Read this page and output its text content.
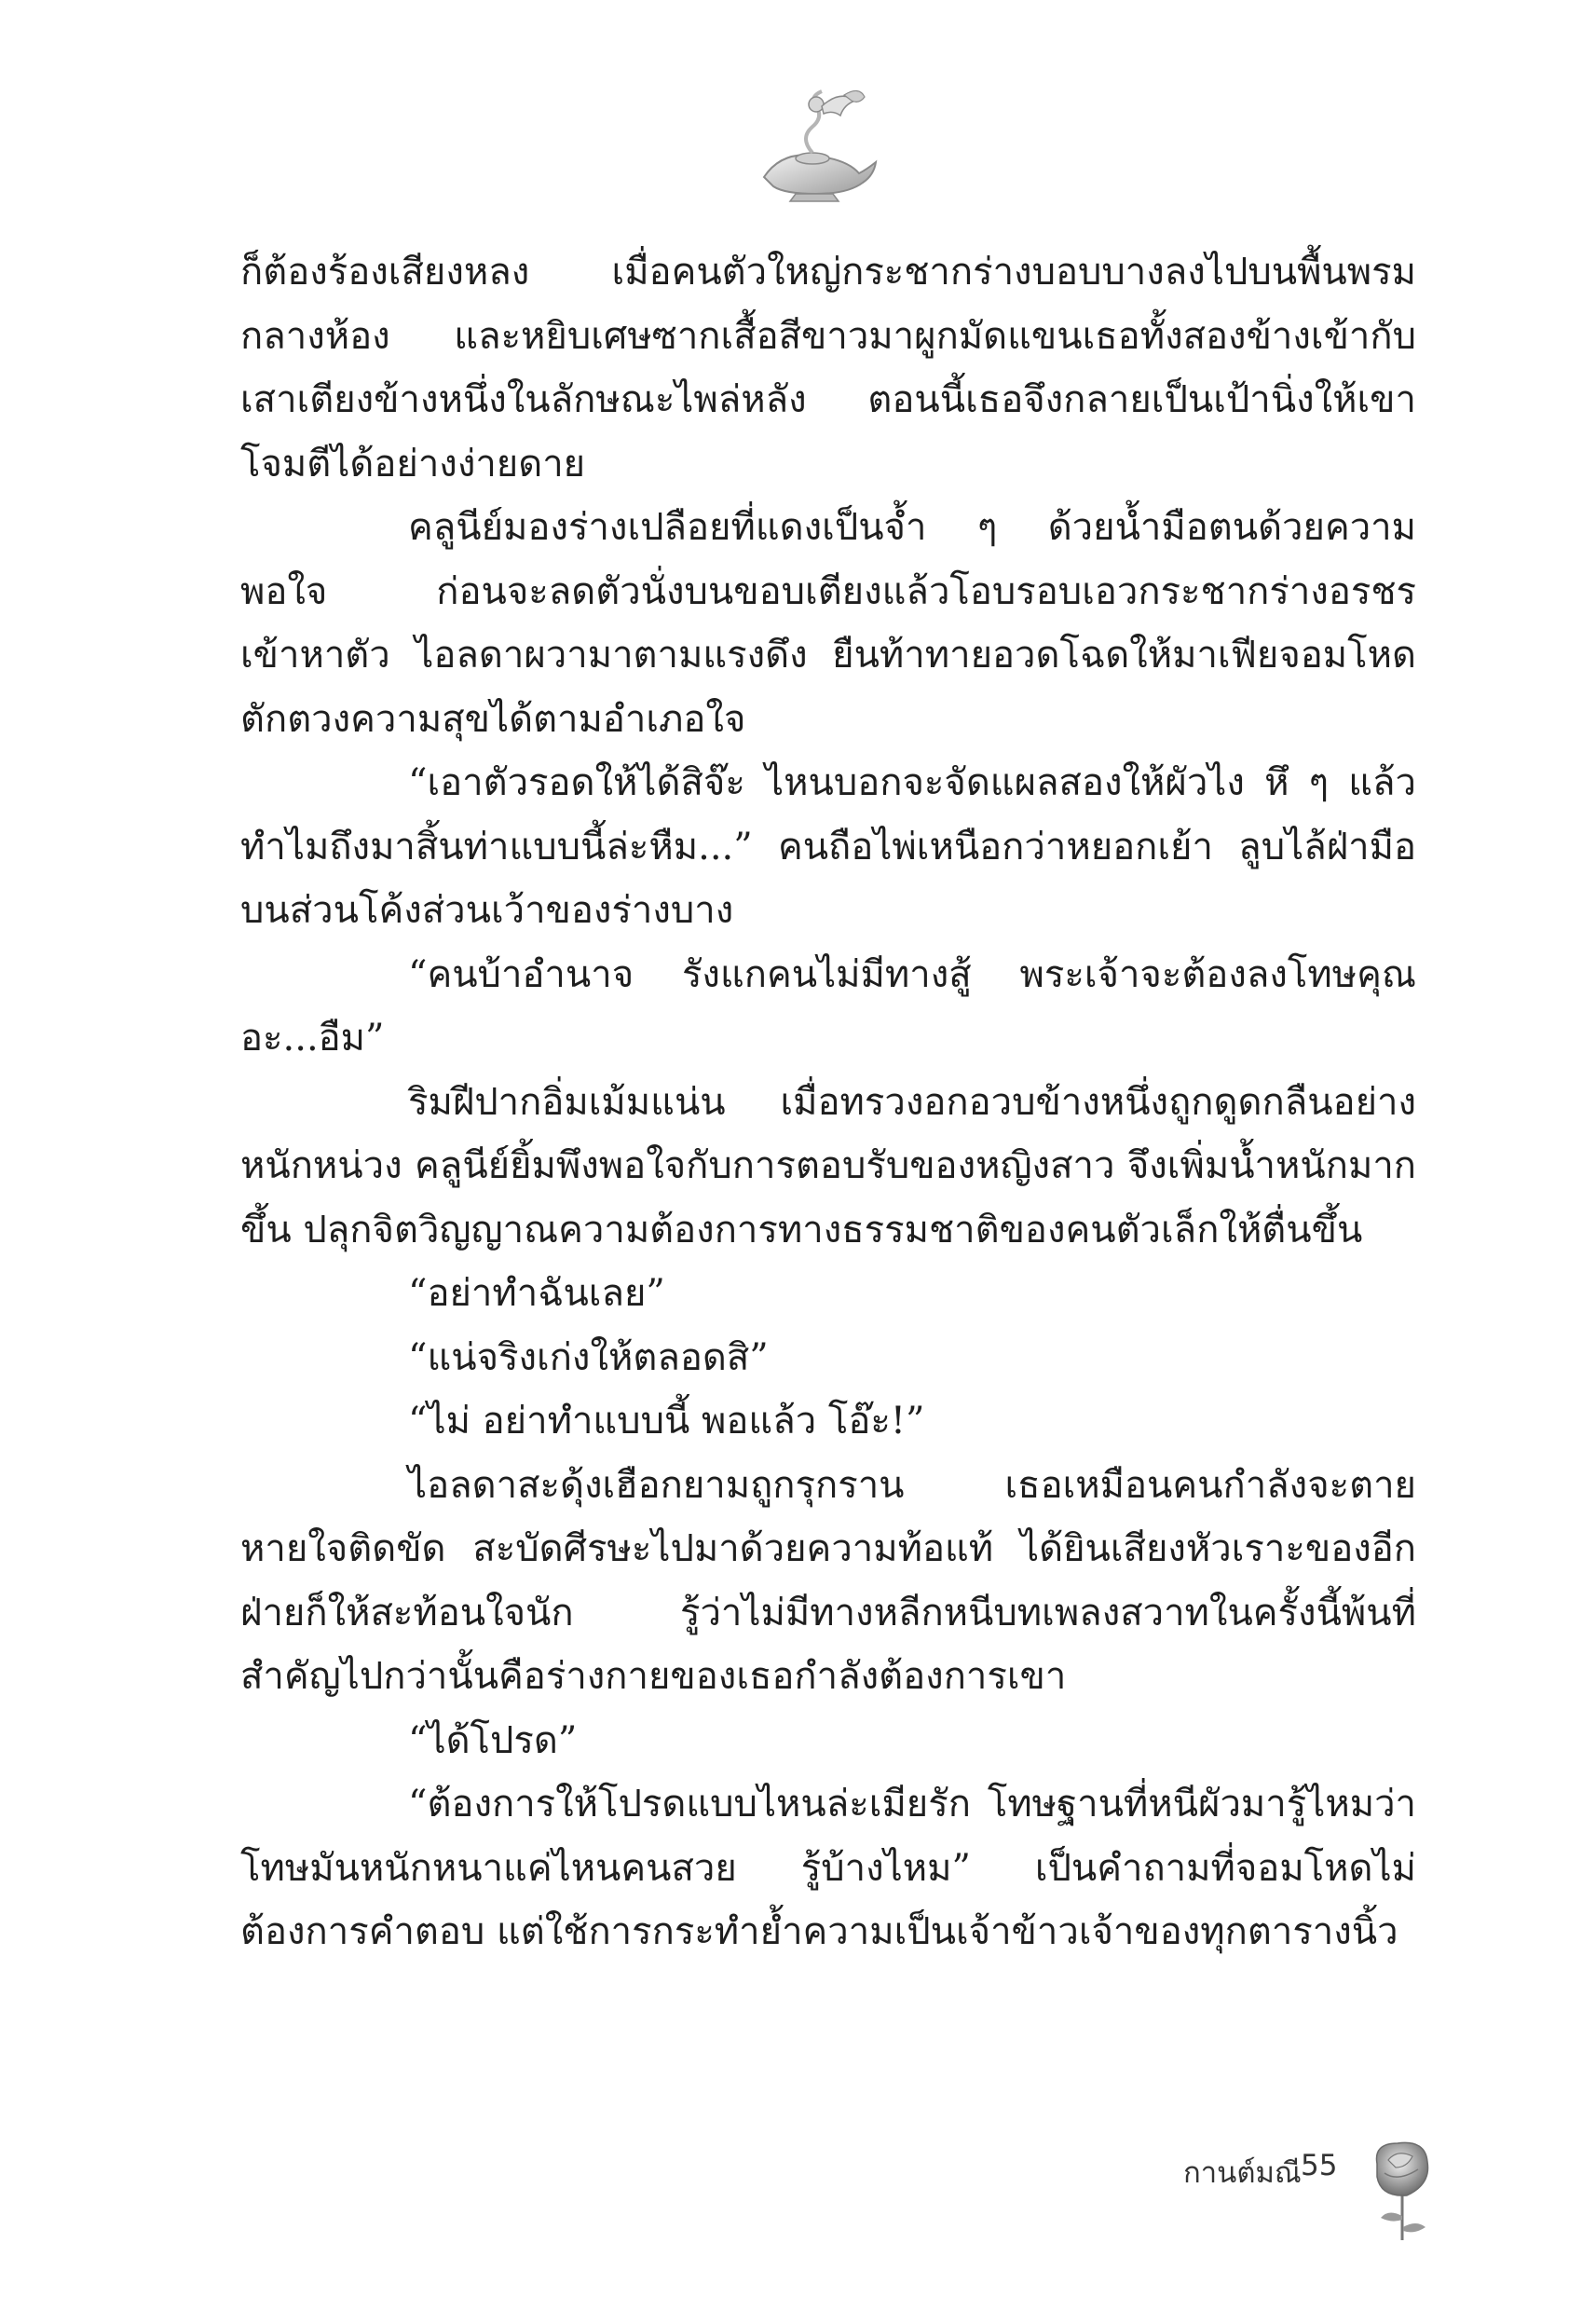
ก็ต้องร้องเสียงหลง เมื่อคนตัวใหญ่กระชากร่างบอบบางลงไปบนพื้นพรมกลางห้อง และหยิบเศษซากเสื้อสีขาวมาผูกมัดแขนเธอทั้งสองข้างเข้ากับเสาเตียงข้างหนึ่งในลักษณะไพล่หลัง ตอนนี้เธอจึงกลายเป็นเป้านิ่งให้เขาโจมตีได้อย่างง่ายดาย

คลูนีย์มองร่างเปลือยที่แดงเป็นจ้ำ ๆ ด้วยน้ำมือตนด้วยความพอใจ ก่อนจะลดตัวนั่งบนขอบเตียงแล้วโอบรอบเอวกระชากร่างอรชรเข้าหาตัว ไอลดาผวามาตามแรงดึง ยืนท้าทายอวดโฉดให้มาเฟียจอมโหดตักตวงความสุขได้ตามอำเภอใจ

“เอาตัวรอดให้ได้สิจ๊ะ ไหนบอกจะจัดแผลสองให้ผัวไง หึ ๆ แล้วทำไมถึงมาสิ้นท่าแบบนี้ล่ะหืม...” คนถือไพ่เหนือกว่าหยอกเย้า ลูบไล้ฝ่ามือบนส่วนโค้งส่วนเว้าของร่างบาง

“คนบ้าอำนาจ รังแกคนไม่มีทางสู้ พระเจ้าจะต้องลงโทษคุณอะ...อืม”

ริมฝีปากอิ่มเม้มแน่น เมื่อทรวงอกอวบข้างหนึ่งถูกดูดกลืนอย่างหนักหน่วง คลูนีย์ยิ้มพึงพอใจกับการตอบรับของหญิงสาว จึงเพิ่มน้ำหนักมากขึ้น ปลุกจิตวิญญาณความต้องการทางธรรมชาติของคนตัวเล็กให้ตื่นขึ้น

“อย่าทำฉันเลย”

“แน่จริงเก่งให้ตลอดสิ”

“ไม่ อย่าทำแบบนี้ พอแล้ว โอ๊ะ!”

ไอลดาสะดุ้งเฮือกยามถูกรุกราน เธอเหมือนคนกำลังจะตายหายใจติดขัด สะบัดศีรษะไปมาด้วยความท้อแท้ ได้ยินเสียงหัวเราะของอีกฝ่ายก็ให้สะท้อนใจนัก รู้ว่าไม่มีทางหลีกหนีบทเพลงสวาทในครั้งนี้พ้นที่สำคัญไปกว่านั้นคือร่างกายของเธอกำลังต้องการเขา

“ได้โปรด”

“ต้องการให้โปรดแบบไหนล่ะเมียรัก โทษฐานที่หนีผัวมารู้ไหมว่าโทษมันหนักหนาแค่ไหนคนสวย รู้บ้างไหม” เป็นคำถามที่จอมโหดไม่ต้องการคำตอบ แต่ใช้การกระทำย้ำความเป็นเจ้าข้าวเจ้าของทุกตารางนิ้ว

กานต์มณี 55
